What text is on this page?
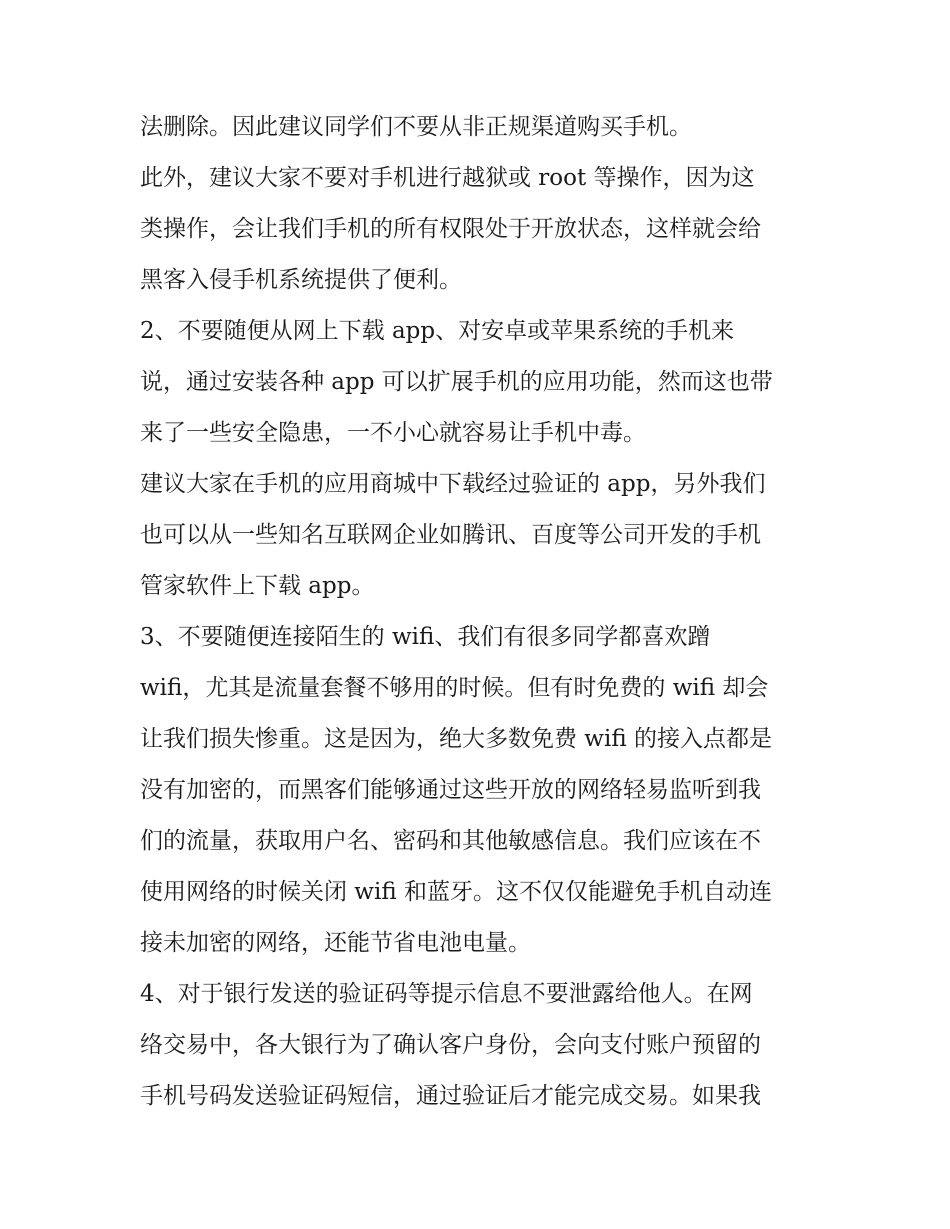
法删除。因此建议同学们不要从非正规渠道购买手机。
此外，建议大家不要对手机进行越狱或 root 等操作，因为这
类操作，会让我们手机的所有权限处于开放状态，这样就会给
黑客入侵手机系统提供了便利。
2、不要随便从网上下载 app、对安卓或苹果系统的手机来
说，通过安装各种 app 可以扩展手机的应用功能，然而这也带
来了一些安全隐患，一不小心就容易让手机中毒。
建议大家在手机的应用商城中下载经过验证的 app，另外我们
也可以从一些知名互联网企业如腾讯、百度等公司开发的手机
管家软件上下载 app。
3、不要随便连接陌生的 wifi、我们有很多同学都喜欢蹭
wifi，尤其是流量套餐不够用的时候。但有时免费的 wifi 却会
让我们损失惨重。这是因为，绝大多数免费 wifi 的接入点都是
没有加密的，而黑客们能够通过这些开放的网络轻易监听到我
们的流量，获取用户名、密码和其他敏感信息。我们应该在不
使用网络的时候关闭 wifi 和蓝牙。这不仅仅能避免手机自动连
接未加密的网络，还能节省电池电量。
4、对于银行发送的验证码等提示信息不要泄露给他人。在网
络交易中，各大银行为了确认客户身份，会向支付账户预留的
手机号码发送验证码短信，通过验证后才能完成交易。如果我
